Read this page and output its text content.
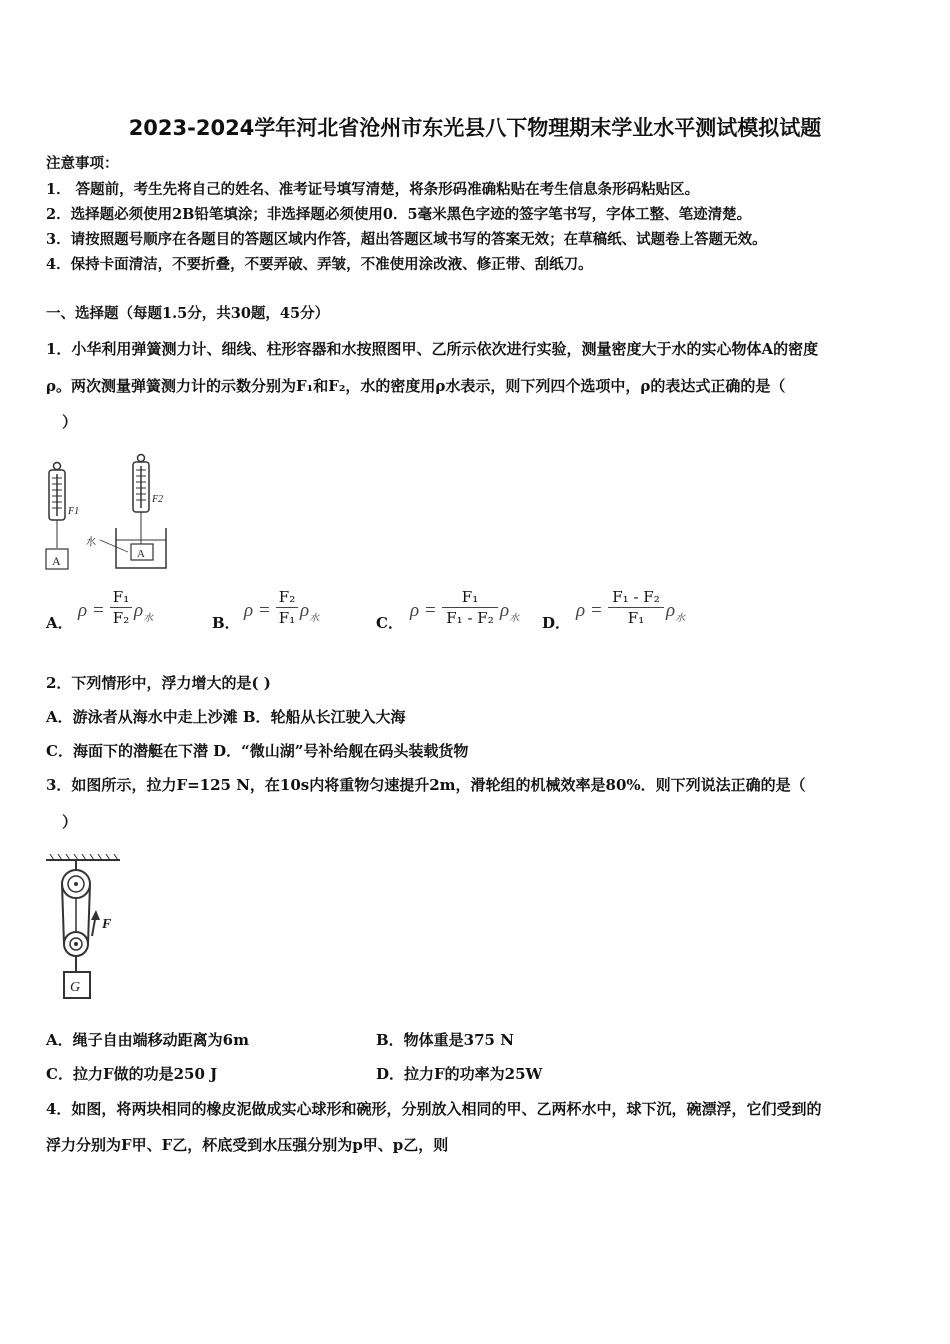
2023-2024学年河北省沧州市东光县八下物理期末学业水平测试模拟试题
注意事项：
1． 答题前，考生先将自己的姓名、准考证号填写清楚，将条形码准确粘贴在考生信息条形码粘贴区。
2．选择题必须使用2B铅笔填涂；非选择题必须使用0．5毫米黑色字迹的签字笔书写，字体工整、笔迹清楚。
3．请按照题号顺序在各题目的答题区域内作答，超出答题区域书写的答案无效；在草稿纸、试题卷上答题无效。
4．保持卡面清洁，不要折叠，不要弄破、弄皱，不准使用涂改液、修正带、刮纸刀。
一、选择题（每题1.5分，共30题，45分）
1．小华利用弹簧测力计、细线、柱形容器和水按照图甲、乙所示依次进行实验，测量密度大于水的实心物体A的密度
ρ。两次测量弹簧测力计的示数分别为F₁和F₂，水的密度用ρ水表示，则下列四个选项中，ρ的表达式正确的是（
）
A
F1
F2
A
水
A．
ρ =
F₁
F₂ $\rho_水$	B．
ρ =
F₂
F₁ $\rho_水$	C．
ρ =
F₁
F₁ - F₂ $\rho_水$ D．
ρ =
F₁ - F₂
F₁	$\rho_水$
2．下列情形中，浮力增大的是( )
A．游泳者从海水中走上沙滩 B．轮船从长江驶入大海
C．海面下的潜艇在下潜 D．“微山湖”号补给舰在码头装载货物
3．如图所示，拉力F=125 N，在10s内将重物匀速提升2m，滑轮组的机械效率是80%．则下列说法正确的是（
）
F
G
A．绳子自由端移动距离为6m	B．物体重是375 N
C．拉力F做的功是250 J	D．拉力F的功率为25W
4．如图，将两块相同的橡皮泥做成实心球形和碗形，分别放入相同的甲、乙两杯水中，球下沉，碗漂浮，它们受到的
浮力分别为F甲、F乙，杯底受到水压强分别为p甲、p乙，则
